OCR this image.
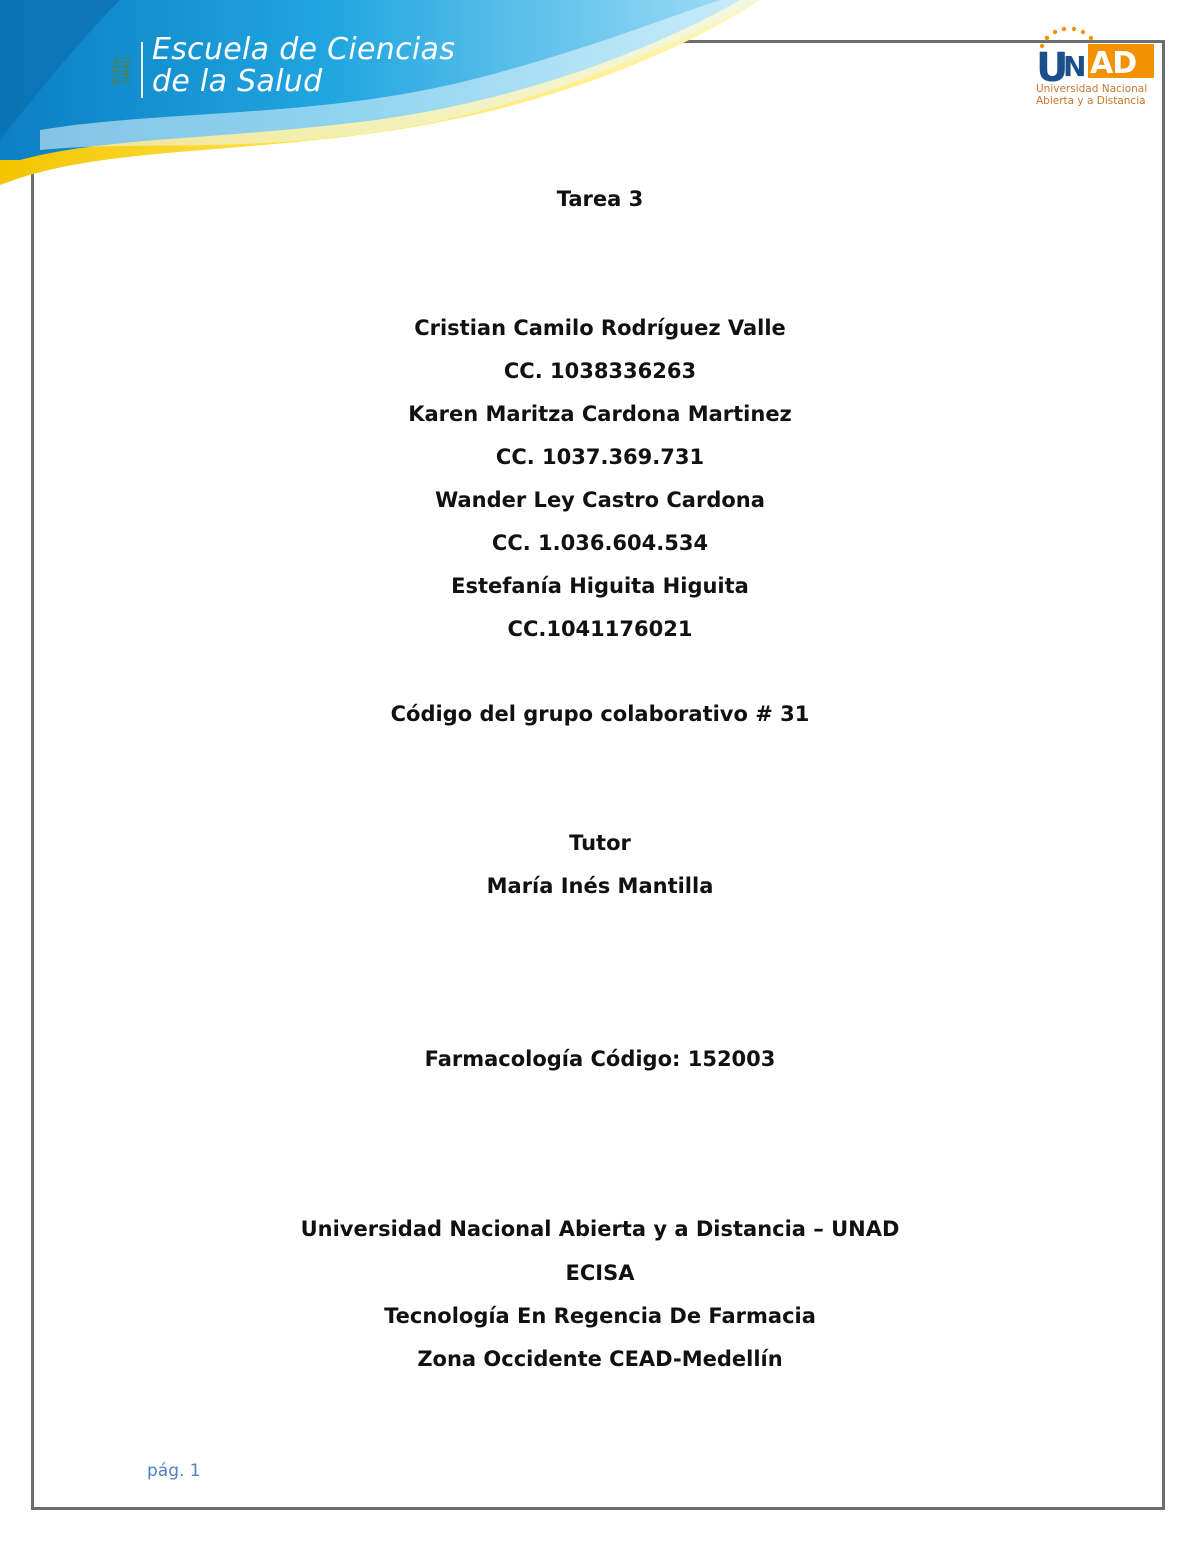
ECISA-UNAD
Escuela de Ciencias
de la Salud	U
N AD
Universidad Nacional
Abierta y a Distancia
Tarea 3
Cristian Camilo Rodríguez Valle
CC. 1038336263
Karen Maritza Cardona Martinez
CC. 1037.369.731
Wander Ley Castro Cardona
CC. 1.036.604.534
Estefanía Higuita Higuita
CC.1041176021
Código del grupo colaborativo # 31
Tutor
María Inés Mantilla
Farmacología Código: 152003
Universidad Nacional Abierta y a Distancia – UNAD
ECISA
Tecnología En Regencia De Farmacia
Zona Occidente CEAD-Medellín
pág. 1
